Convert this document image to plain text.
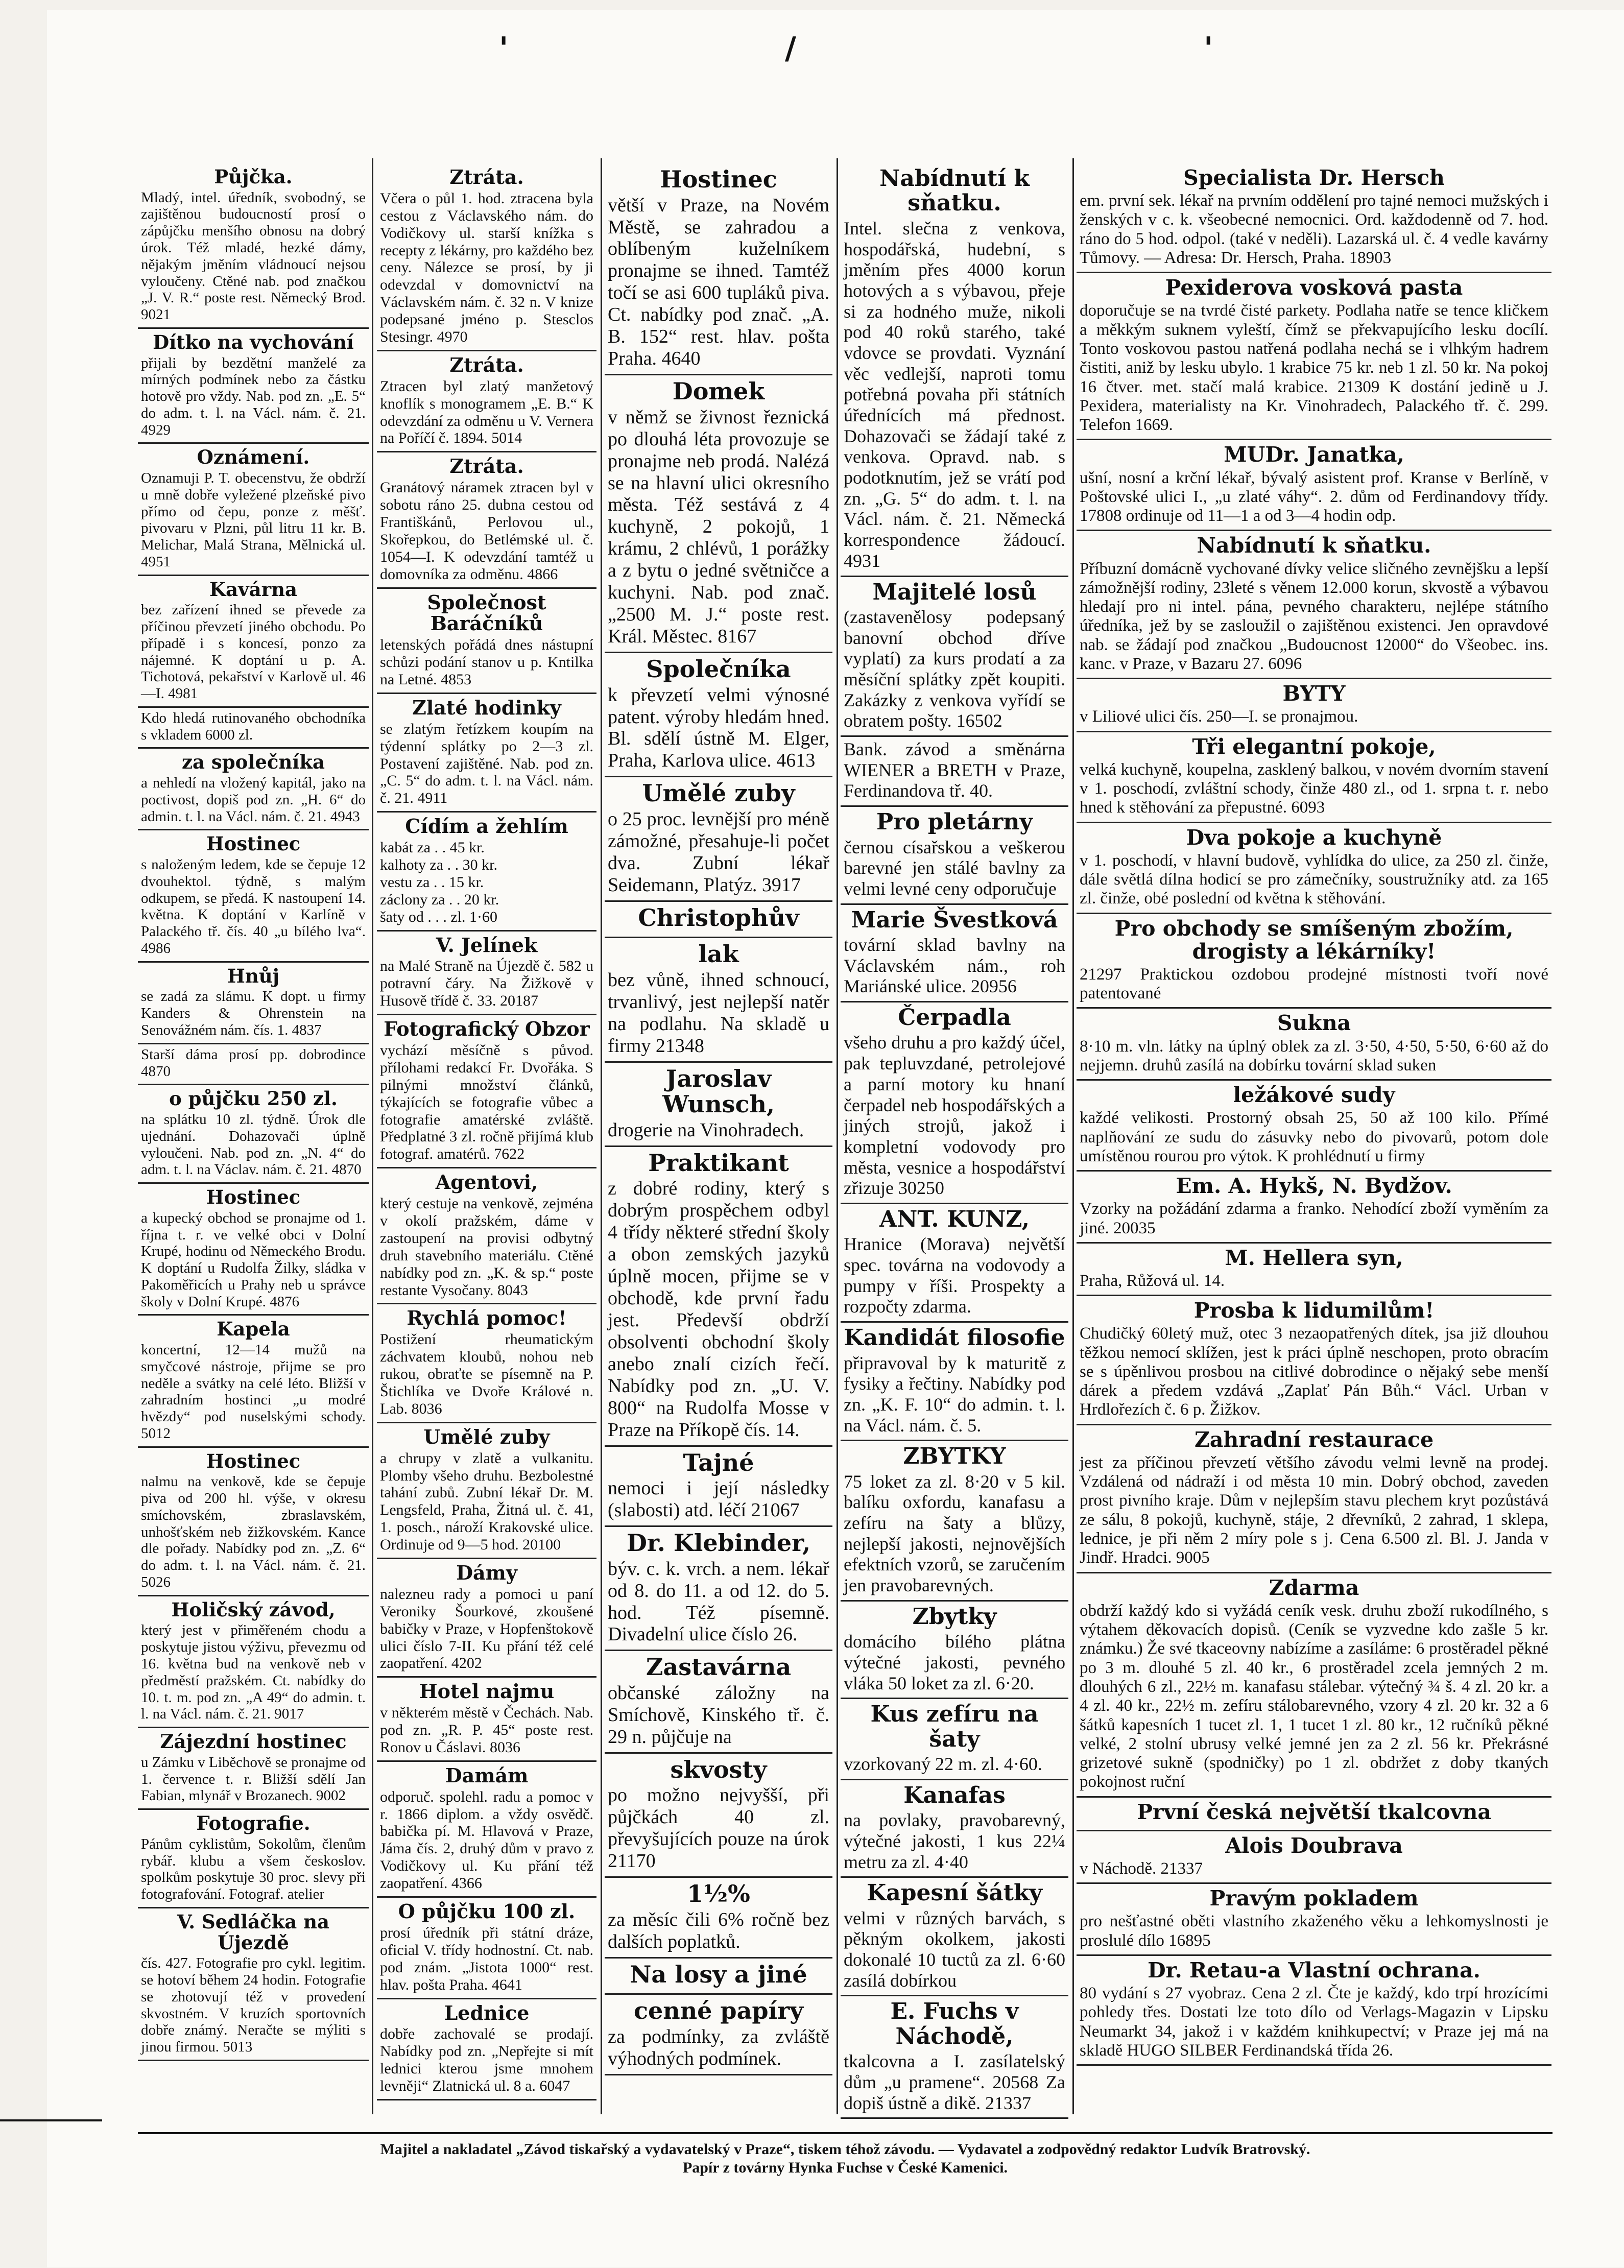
'	/	'
Půjčka.

Mladý, intel. úředník, svobodný, se zajištěnou budoucností prosí o zápůjčku menšího obnosu na dobrý úrok. Též mladé, hezké dámy, nějakým jměním vládnoucí nejsou vyloučeny. Ctěné nab. pod značkou „J. V. R.“ poste rest. Německý Brod. 9021

Dítko na vychování

přijali by bezdětní manželé za mírných podmínek nebo za částku hotově pro vždy. Nab. pod zn. „E. 5“ do adm. t. l. na Václ. nám. č. 21. 4929

Oznámení.

Oznamuji P. T. obecenstvu, že obdrží u mně dobře vyležené plzeňské pivo přímo od čepu, ponze z měšť. pivovaru v Plzni, půl litru 11 kr. B. Melichar, Malá Strana, Mělnická ul. 4951

Kavárna

bez zařízení ihned se převede za příčinou převzetí jiného obchodu. Po případě i s koncesí, ponzo za nájemné. K doptání u p. A. Tichotová, pekařství v Karlově ul. 46—I. 4981

Kdo hledá rutinovaného obchodníka s vkladem 6000 zl.

za společníka

a nehledí na vložený kapitál, jako na poctivost, dopiš pod zn. „H. 6“ do admin. t. l. na Václ. nám. č. 21. 4943

Hostinec

s naloženým ledem, kde se čepuje 12 dvouhektol. týdně, s malým odkupem, se předá. K nastoupení 14. května. K doptání v Karlíně v Palackého tř. čís. 40 „u bílého lva“. 4986

Hnůj

se zadá za slámu. K dopt. u firmy Kanders & Ohrenstein na Senovážném nám. čís. 1. 4837

Starší dáma prosí pp. dobrodince 4870

o půjčku 250 zl.

na splátku 10 zl. týdně. Úrok dle ujednání. Dohazovači úplně vyloučeni. Nab. pod zn. „N. 4“ do adm. t. l. na Václav. nám. č. 21. 4870

Hostinec

a kupecký obchod se pronajme od 1. října t. r. ve velké obci v Dolní Krupé, hodinu od Německého Brodu. K doptání u Rudolfa Žilky, sládka v Pakoměřicích u Prahy neb u správce školy v Dolní Krupé. 4876

Kapela

koncertní, 12—14 mužů na smyčcové nástroje, přijme se pro neděle a svátky na celé léto. Bližší v zahradním hostinci „u modré hvězdy“ pod nuselskými schody. 5012

Hostinec

nalmu na venkově, kde se čepuje piva od 200 hl. výše, v okresu smíchovském, zbraslavském, unhošťském neb žižkovském. Kance dle pořady. Nabídky pod zn. „Z. 6“ do adm. t. l. na Václ. nám. č. 21. 5026

Holičský závod,

který jest v přiměřeném chodu a poskytuje jistou výživu, převezmu od 16. května bud na venkově neb v předměstí pražském. Ct. nabídky do 10. t. m. pod zn. „A 49“ do admin. t. l. na Václ. nám. č. 21. 9017

Zájezdní hostinec

u Zámku v Liběchově se pronajme od 1. července t. r. Bližší sdělí Jan Fabian, mlynář v Brozanech. 9002

Fotografie.

Pánům cyklistům, Sokolům, členům rybář. klubu a všem českoslov. spolkům poskytuje 30 proc. slevy při fotografování. Fotograf. atelier

V. Sedláčka na Újezdě

čís. 427. Fotografie pro cykl. legitim. se hotoví během 24 hodin. Fotografie se zhotovují též v provedení skvostném. V kruzích sportovních dobře známý. Neračte se mýliti s jinou firmou. 5013

Ztráta.

Včera o půl 1. hod. ztracena byla cestou z Václavského nám. do Vodičkovy ul. starší knížka s recepty z lékárny, pro každého bez ceny. Nálezce se prosí, by ji odevzdal v domovnictví na Václavském nám. č. 32 n. V knize podepsané jméno p. Stesclos Stesingr. 4970

Ztráta.

Ztracen byl zlatý manžetový knoflík s monogramem „E. B.“ K odevzdání za odměnu u V. Vernera na Poříčí č. 1894. 5014

Ztráta.

Granátový náramek ztracen byl v sobotu ráno 25. dubna cestou od Františkánů, Perlovou ul., Skořepkou, do Betlémské ul. č. 1054—I. K odevzdání tamtéž u domovníka za odměnu. 4866

Společnost Baráčníků

letenských pořádá dnes nástupní schůzi podání stanov u p. Kntilka na Letné. 4853

Zlaté hodinky

se zlatým řetízkem koupím na týdenní splátky po 2—3 zl. Postavení zajištěné. Nab. pod zn. „C. 5“ do adm. t. l. na Václ. nám. č. 21. 4911

Cídím a žehlím

kabát za . . 45 kr.
kalhoty za . . 30 kr.
vestu za . . 15 kr.
záclony za . . 20 kr.
šaty od . . . zl. 1·60

V. Jelínek

na Malé Straně na Újezdě č. 582 u potravní čáry. Na Žižkově v Husově třídě č. 33. 20187

Fotografický Obzor

vychází měsíčně s původ. přílohami redakcí Fr. Dvořáka. S pilnými množství článků, týkajících se fotografie vůbec a fotografie amatérské zvláště. Předplatné 3 zl. ročně přijímá klub fotograf. amatérů. 7622

Agentovi,

který cestuje na venkově, zejména v okolí pražském, dáme v zastoupení na provisi odbytný druh stavebního materiálu. Ctěné nabídky pod zn. „K. & sp.“ poste restante Vysočany. 8043

Rychlá pomoc!

Postižení rheumatickým záchvatem kloubů, nohou neb rukou, obraťte se písemně na P. Štichlíka ve Dvoře Králové n. Lab. 8036

Umělé zuby

a chrupy v zlatě a vulkanitu. Plomby všeho druhu. Bezbolestné tahání zubů. Zubní lékař Dr. M. Lengsfeld, Praha, Žitná ul. č. 41, 1. posch., nároží Krakovské ulice. Ordinuje od 9—5 hod. 20100

Dámy

nalezneu rady a pomoci u paní Veroniky Šourkové, zkoušené babičky v Praze, v Hopfenštokově ulici číslo 7-II. Ku přání též celé zaopatření. 4202

Hotel najmu

v některém městě v Čechách. Nab. pod zn. „R. P. 45“ poste rest. Ronov u Čáslavi. 8036

Damám

odporuč. spolehl. radu a pomoc v r. 1866 diplom. a vždy osvědč. babička pí. M. Hlavová v Praze, Jáma čís. 2, druhý dům v pravo z Vodičkovy ul. Ku přání též zaopatření. 4366

O půjčku 100 zl.

prosí úředník při státní dráze, oficial V. třídy hodnostní. Ct. nab. pod znám. „Jistota 1000“ rest. hlav. pošta Praha. 4641

Lednice

dobře zachovalé se prodají. Nabídky pod zn. „Nepřejte si mít lednici kterou jsme mnohem levněji“ Zlatnická ul. 8 a. 6047

Hostinec

větší v Praze, na Novém Městě, se zahradou a oblíbeným kuželníkem pronajme se ihned. Tamtéž točí se asi 600 tupláků piva. Ct. nabídky pod znač. „A. B. 152“ rest. hlav. pošta Praha. 4640

Domek

v němž se živnost řeznická po dlouhá léta provozuje se pronajme neb prodá. Nalézá se na hlavní ulici okresního města. Též sestává z 4 kuchyně, 2 pokojů, 1 krámu, 2 chlévů, 1 porážky a z bytu o jedné světničce a kuchyni. Nab. pod znač. „2500 M. J.“ poste rest. Král. Městec. 8167

Společníka

k převzetí velmi výnosné patent. výroby hledám hned. Bl. sdělí ústně M. Elger, Praha, Karlova ulice. 4613

Umělé zuby

o 25 proc. levnější pro méně zámožné, přesahuje-li počet dva. Zubní lékař Seidemann, Platýz. 3917

Christophův
lak

bez vůně, ihned schnoucí, trvanlivý, jest nejlepší natěr na podlahu. Na skladě u firmy 21348

Jaroslav Wunsch,

drogerie na Vinohradech.

Praktikant

z dobré rodiny, který s dobrým prospěchem odbyl 4 třídy některé střední školy a obon zemských jazyků úplně mocen, přijme se v obchodě, kde první řadu jest. Předevší obdrží obsolventi obchodní školy anebo znalí cizích řečí. Nabídky pod zn. „U. V. 800“ na Rudolfa Mosse v Praze na Příkopě čís. 14.

Tajné

nemoci i její následky (slabosti) atd. léčí 21067

Dr. Klebinder,

býv. c. k. vrch. a nem. lékař od 8. do 11. a od 12. do 5. hod. Též písemně. Divadelní ulice číslo 26.

Zastavárna

občanské záložny na Smíchově, Kinského tř. č. 29 n. půjčuje na

skvosty

po možno nejvyšší, při půjčkách 40 zl. převyšujících pouze na úrok 21170

1½%

za měsíc čili 6% ročně bez dalších poplatků.

Na losy a jiné
cenné papíry

za podmínky, za zvláště výhodných podmínek.

Nabídnutí k sňatku.

Intel. slečna z venkova, hospodářská, hudební, s jměním přes 4000 korun hotových a s výbavou, přeje si za hodného muže, nikoli pod 40 roků starého, také vdovce se provdati. Vyznání věc vedlejší, naproti tomu potřebná povaha při státních úřednících má přednost. Dohazovači se žádají také z venkova. Opravd. nab. s podotknutím, jež se vrátí pod zn. „G. 5“ do adm. t. l. na Václ. nám. č. 21. Německá korrespondence žádoucí. 4931

Majitelé losů

(zastavenělosy podepsaný banovní obchod dříve vyplatí) za kurs prodatí a za měsíční splátky zpět koupiti. Zakázky z venkova vyřídí se obratem pošty. 16502

Bank. závod a směnárna WIENER a BRETH v Praze, Ferdinandova tř. 40.

Pro pletárny

černou císařskou a veškerou barevné jen stálé bavlny za velmi levné ceny odporučuje

Marie Švestková

tovární sklad bavlny na Václavském nám., roh Mariánské ulice. 20956

Čerpadla

všeho druhu a pro každý účel, pak tepluvzdané, petrolejové a parní motory ku hnaní čerpadel neb hospodářských a jiných strojů, jakož i kompletní vodovody pro města, vesnice a hospodářství zřizuje 30250

ANT. KUNZ,

Hranice (Morava) největší spec. továrna na vodovody a pumpy v říši. Prospekty a rozpočty zdarma.

Kandidát filosofie

připravoval by k maturitě z fysiky a řečtiny. Nabídky pod zn. „K. F. 10“ do admin. t. l. na Václ. nám. č. 5.

ZBYTKY

75 loket za zl. 8·20 v 5 kil. balíku oxfordu, kanafasu a zefíru na šaty a blůzy, nejlepší jakosti, nejnovějších efektních vzorů, se zaručením jen pravobarevných.

Zbytky

domácího bílého plátna výtečné jakosti, pevného vláka 50 loket za zl. 6·20.

Kus zefíru na šaty

vzorkovaný 22 m. zl. 4·60.

Kanafas

na povlaky, pravobarevný, výtečné jakosti, 1 kus 22¼ metru za zl. 4·40

Kapesní šátky

velmi v různých barvách, s pěkným okolkem, jakosti dokonalé 10 tuctů za zl. 6·60 zasílá dobírkou

E. Fuchs v Náchodě,

tkalcovna a I. zasílatelský dům „u pramene“. 20568 Za dopiš ústně a dikě. 21337

Specialista Dr. Hersch

em. první sek. lékař na prvním oddělení pro tajné nemoci mužských i ženských v c. k. všeobecné nemocnici. Ord. každodenně od 7. hod. ráno do 5 hod. odpol. (také v neděli). Lazarská ul. č. 4 vedle kavárny Tůmovy. — Adresa: Dr. Hersch, Praha. 18903

Pexiderova vosková pasta

doporučuje se na tvrdé čisté parkety. Podlaha natře se tence kličkem a měkkým suknem vyleští, čímž se překvapujícího lesku docílí. Tonto voskovou pastou natřená podlaha nechá se i vlhkým hadrem čistiti, aniž by lesku ubylo. 1 krabice 75 kr. neb 1 zl. 50 kr. Na pokoj 16 čtver. met. stačí malá krabice. 21309 K dostání jedině u J. Pexidera, materialisty na Kr. Vinohradech, Palackého tř. č. 299. Telefon 1669.

MUDr. Janatka,

ušní, nosní a krční lékař, bývalý asistent prof. Kranse v Berlíně, v Poštovské ulici I., „u zlaté váhy“. 2. dům od Ferdinandovy třídy. 17808 ordinuje od 11—1 a od 3—4 hodin odp.

Nabídnutí k sňatku.

Příbuzní domácně vychované dívky velice sličného zevnějšku a lepší zámožnější rodiny, 23leté s věnem 12.000 korun, skvostě a výbavou hledají pro ni intel. pána, pevného charakteru, nejlépe státního úředníka, jež by se zasloužil o zajištěnou existenci. Jen opravdové nab. se žádají pod značkou „Budoucnost 12000“ do Všeobec. ins. kanc. v Praze, v Bazaru 27. 6096

BYTY

v Liliové ulici čís. 250—I. se pronajmou.

Tři elegantní pokoje,

velká kuchyně, koupelna, zasklený balkou, v novém dvorním stavení v 1. poschodí, zvláštní schody, činže 480 zl., od 1. srpna t. r. nebo hned k stěhování za přepustné. 6093

Dva pokoje a kuchyně

v 1. poschodí, v hlavní budově, vyhlídka do ulice, za 250 zl. činže, dále světlá dílna hodicí se pro zámečníky, soustružníky atd. za 165 zl. činže, obé poslední od května k stěhování.

Pro obchody se smíšeným zbožím, drogisty a lékárníky!

21297 Praktickou ozdobou prodejné místnosti tvoří nové patentované

Sukna

8·10 m. vln. látky na úplný oblek za zl. 3·50, 4·50, 5·50, 6·60 až do nejjemn. druhů zasílá na dobírku tovární sklad suken

ležákové sudy

každé velikosti. Prostorný obsah 25, 50 až 100 kilo. Přímé naplňování ze sudu do zásuvky nebo do pivovarů, potom dole umístěnou rourou pro výtok. K prohlédnutí u firmy

Em. A. Hykš, N. Bydžov.

Vzorky na požádání zdarma a franko. Nehodící zboží vyměním za jiné. 20035

M. Hellera syn,

Praha, Růžová ul. 14.

Prosba k lidumilům!

Chudičký 60letý muž, otec 3 nezaopatřených dítek, jsa již dlouhou těžkou nemocí sklížen, jest k práci úplně neschopen, proto obracím se s úpěnlivou prosbou na citlivé dobrodince o nějaký sebe menší dárek a předem vzdává „Zaplať Pán Bůh.“ Václ. Urban v Hrdlořezích č. 6 p. Žižkov.

Zahradní restaurace

jest za příčinou převzetí většího závodu velmi levně na prodej. Vzdálená od nádraží i od města 10 min. Dobrý obchod, zaveden prost pivního kraje. Dům v nejlepším stavu plechem kryt pozůstává ze sálu, 8 pokojů, kuchyně, stáje, 2 dřevníků, 2 zahrad, 1 sklepa, lednice, je při něm 2 míry pole s j. Cena 6.500 zl. Bl. J. Janda v Jindř. Hradci. 9005

Zdarma

obdrží každý kdo si vyžádá ceník vesk. druhu zboží rukodílného, s výtahem děkovacích dopisů. (Ceník se vyzvedne kdo zašle 5 kr. známku.) Že své tkaceovny nabízíme a zasíláme: 6 prostěradel pěkné po 3 m. dlouhé 5 zl. 40 kr., 6 prostěradel zcela jemných 2 m. dlouhých 6 zl., 22½ m. kanafasu stálebar. výtečný ¾ š. 4 zl. 20 kr. a 4 zl. 40 kr., 22½ m. zefíru stálobarevného, vzory 4 zl. 20 kr. 32 a 6 šátků kapesních 1 tucet zl. 1, 1 tucet 1 zl. 80 kr., 12 ručníků pěkné velké, 2 stolní ubrusy velké jemné jen za 2 zl. 56 kr. Překrásné grizetové sukně (spodničky) po 1 zl. obdržet z doby tkaných pokojnost ruční

První česká největší tkalcovna
Alois Doubrava

v Náchodě. 21337

Pravým pokladem

pro nešťastné oběti vlastního zkaženého věku a lehkomyslnosti je proslulé dílo 16895

Dr. Retau-a Vlastní ochrana.

80 vydání s 27 vyobraz. Cena 2 zl. Čte je každý, kdo trpí hrozícími pohledy třes. Dostati lze toto dílo od Verlags-Magazin v Lipsku Neumarkt 34, jakož i v každém knihkupectví; v Praze jej má na skladě HUGO SILBER Ferdinandská třída 26.

Majitel a nakladatel „Závod tiskařský a vydavatelský v Praze“, tiskem téhož závodu. — Vydavatel a zodpovědný redaktor Ludvík Bratrovský.
Papír z továrny Hynka Fuchse v České Kamenici.
